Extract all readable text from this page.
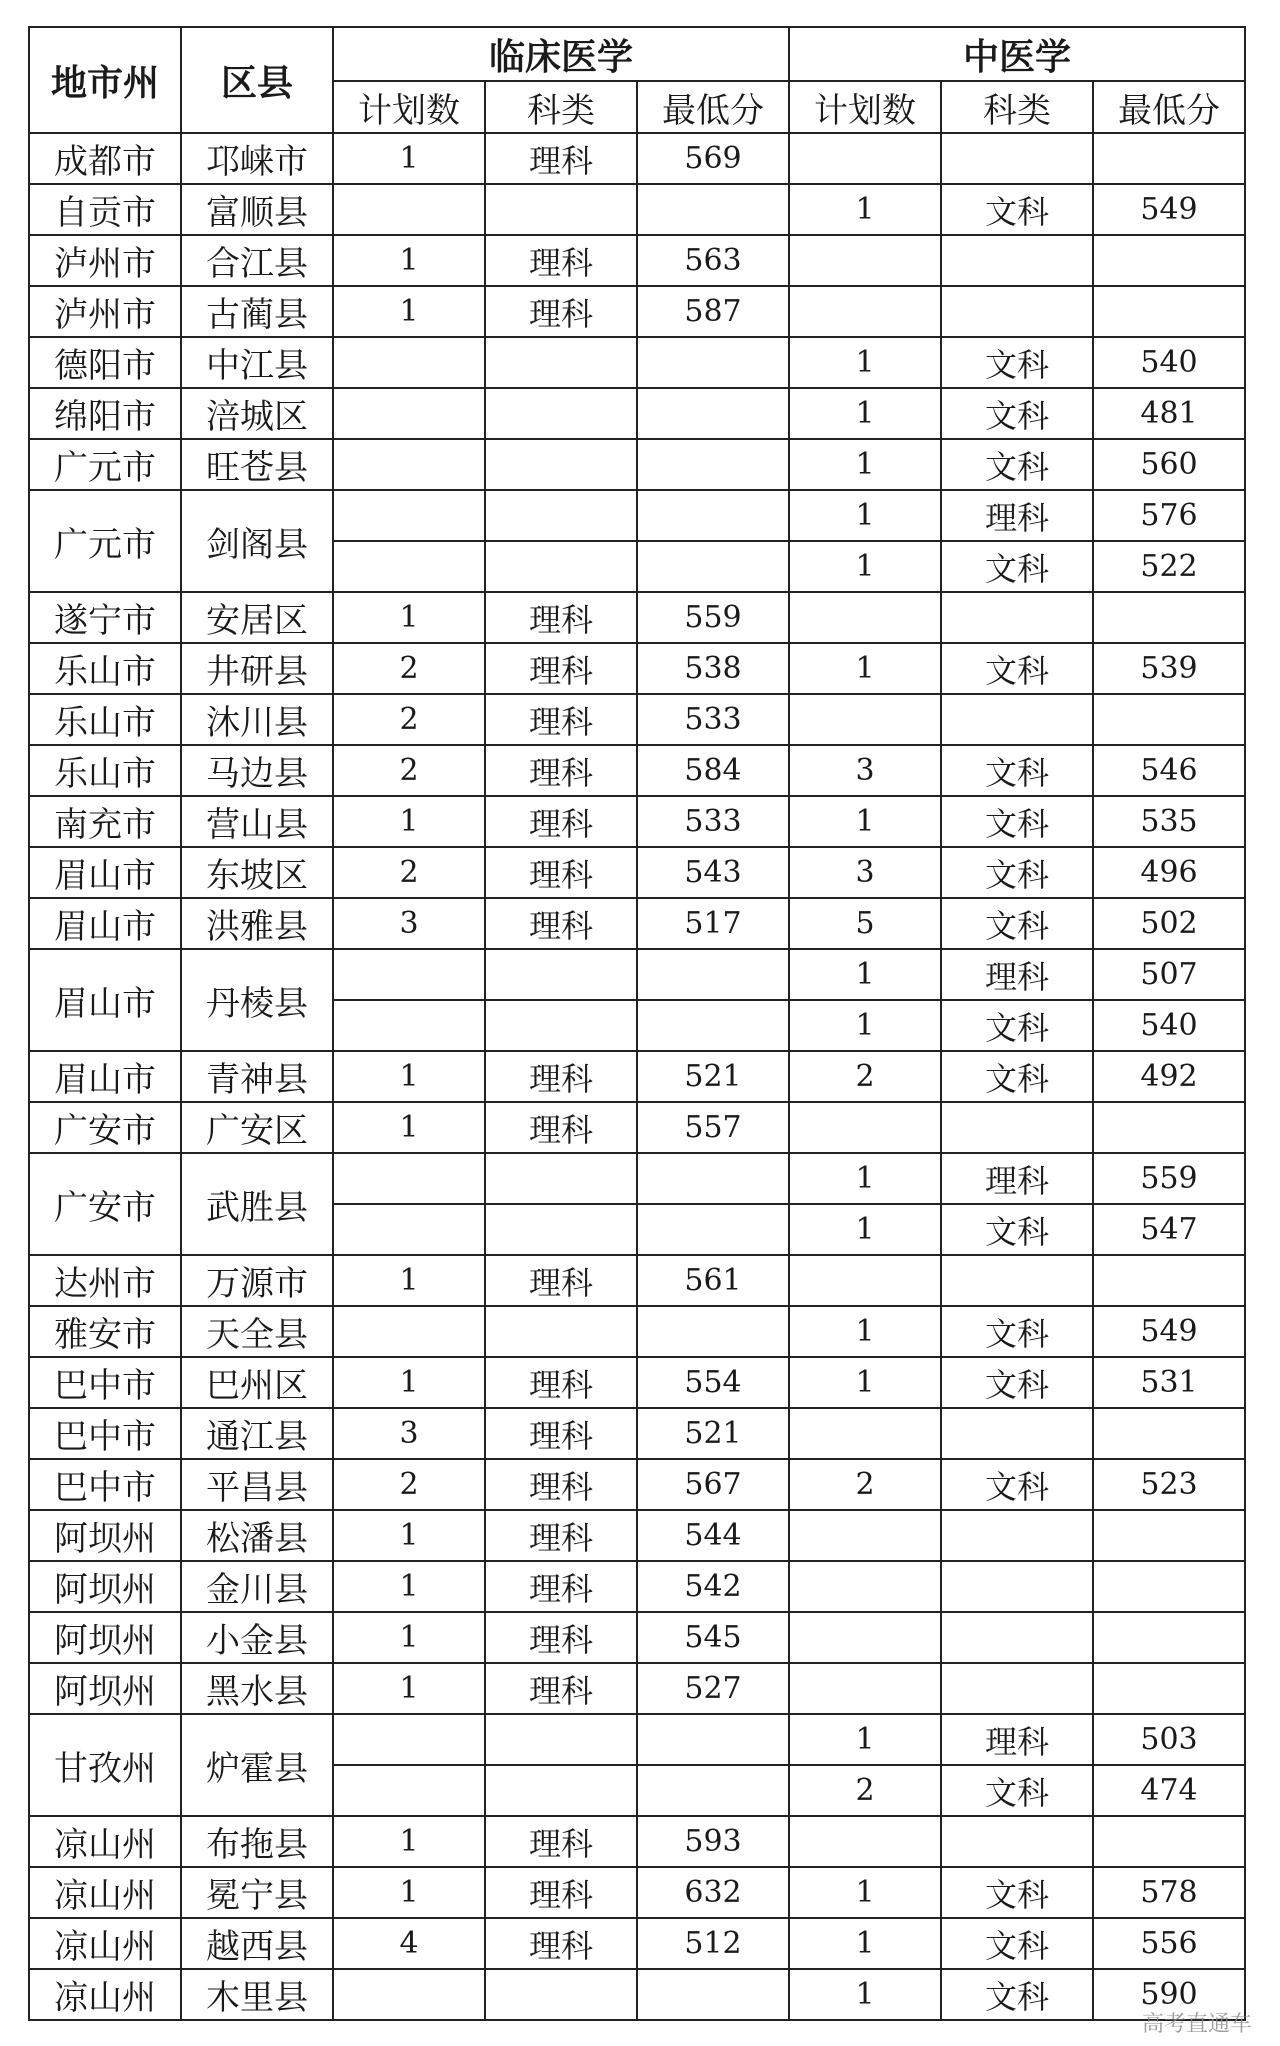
地市州	区县	临床医学			中医学		
		计划数	科类	最低分	计划数	科类	最低分
成都市	邛崃市	1	理科	569			
自贡市	富顺县				1	文科	549
泸州市	合江县	1	理科	563			
泸州市	古蔺县	1	理科	587			
德阳市	中江县				1	文科	540
绵阳市	涪城区				1	文科	481
广元市	旺苍县				1	文科	560
广元市	剑阁县				1	理科	576
					1	文科	522
遂宁市	安居区	1	理科	559			
乐山市	井研县	2	理科	538	1	文科	539
乐山市	沐川县	2	理科	533			
乐山市	马边县	2	理科	584	3	文科	546
南充市	营山县	1	理科	533	1	文科	535
眉山市	东坡区	2	理科	543	3	文科	496
眉山市	洪雅县	3	理科	517	5	文科	502
眉山市	丹棱县				1	理科	507
					1	文科	540
眉山市	青神县	1	理科	521	2	文科	492
广安市	广安区	1	理科	557			
广安市	武胜县				1	理科	559
					1	文科	547
达州市	万源市	1	理科	561			
雅安市	天全县				1	文科	549
巴中市	巴州区	1	理科	554	1	文科	531
巴中市	通江县	3	理科	521			
巴中市	平昌县	2	理科	567	2	文科	523
阿坝州	松潘县	1	理科	544			
阿坝州	金川县	1	理科	542			
阿坝州	小金县	1	理科	545			
阿坝州	黑水县	1	理科	527			
甘孜州	炉霍县				1	理科	503
					2	文科	474
凉山州	布拖县	1	理科	593			
凉山州	冕宁县	1	理科	632	1	文科	578
凉山州	越西县	4	理科	512	1	文科	556
凉山州	木里县				1	文科	590
高考直通车
